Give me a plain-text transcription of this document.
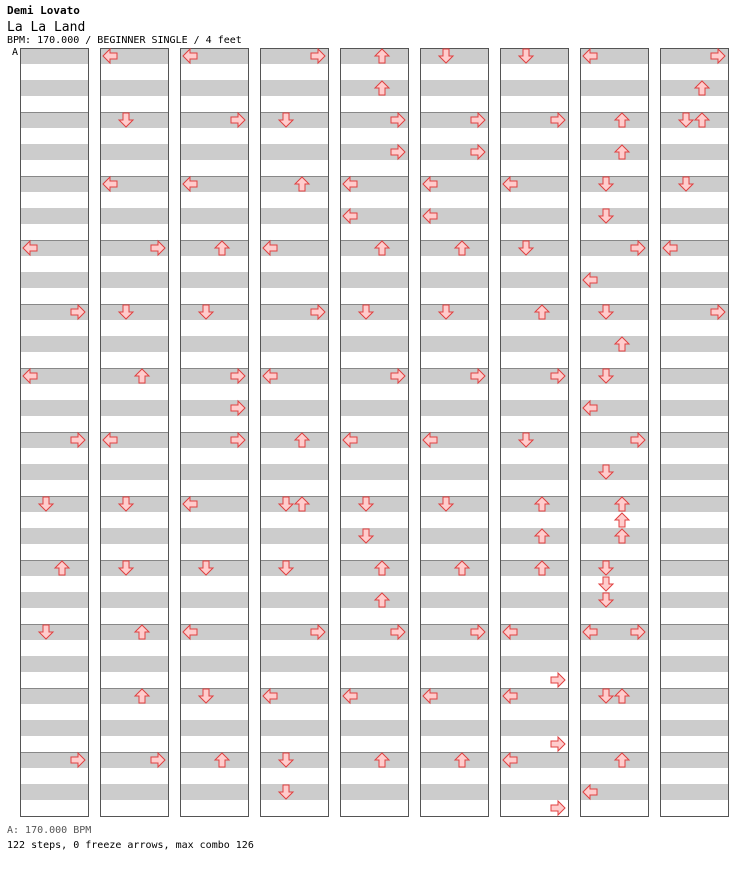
Demi Lovato
La La Land
BPM: 170.000 / BEGINNER SINGLE / 4 feet
A
A: 170.000 BPM
122 steps, 0 freeze arrows, max combo 126
